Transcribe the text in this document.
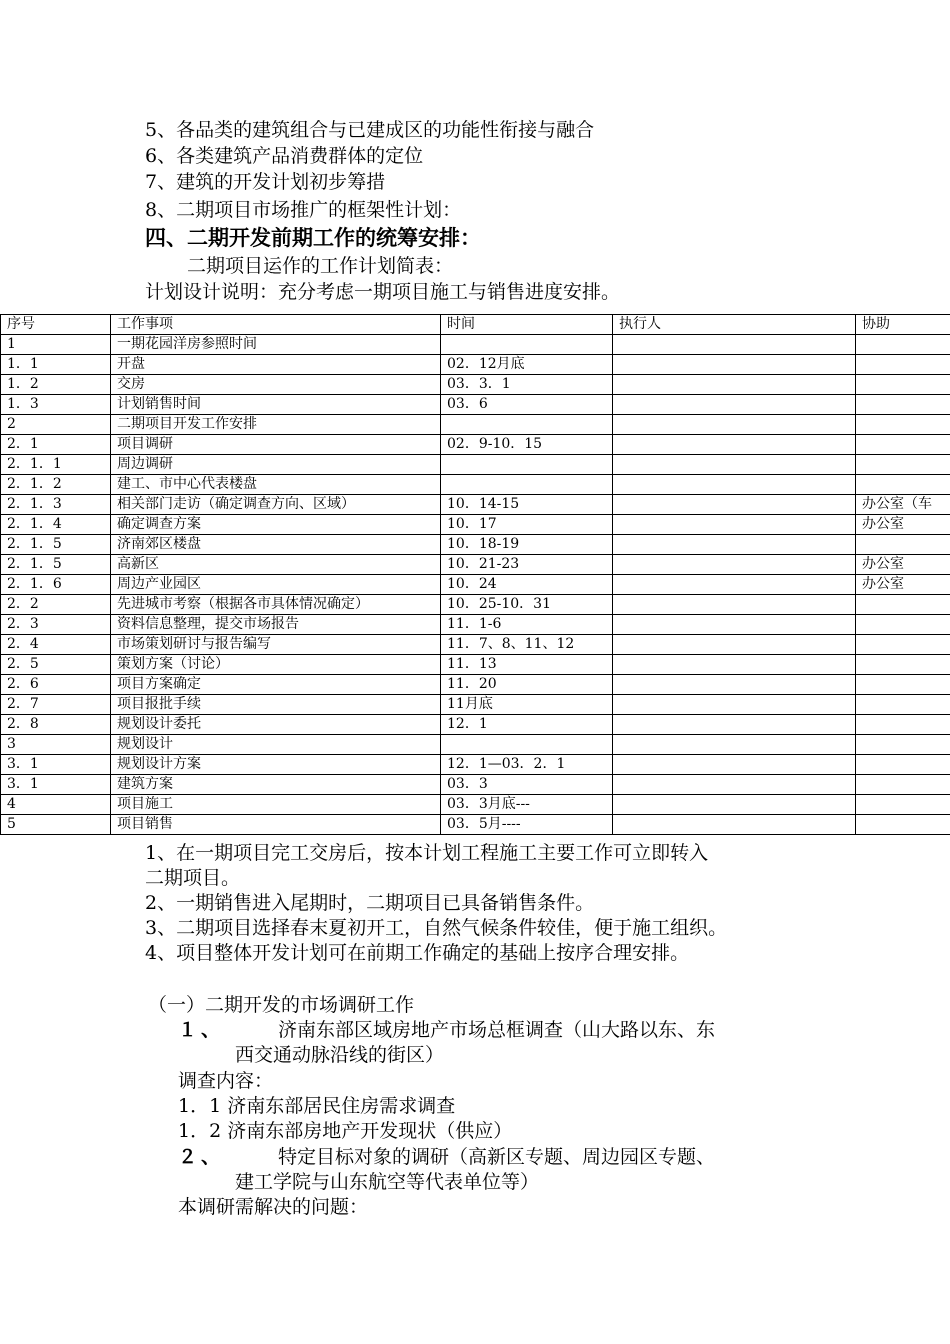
5、各品类的建筑组合与已建成区的功能性衔接与融合
6、各类建筑产品消费群体的定位
7、建筑的开发计划初步筹措
8、二期项目市场推广的框架性计划：
四、二期开发前期工作的统筹安排：
二期项目运作的工作计划简表：
计划设计说明：充分考虑一期项目施工与销售进度安排。
序号	工作事项	时间	执行人	协助
1	一期花园洋房参照时间			
1．1	开盘	02．12月底		
1．2	交房	03．3．1		
1．3	计划销售时间	03．6		
2	二期项目开发工作安排			
2．1	项目调研	02．9-10．15		
2．1．1	周边调研			
2．1．2	建工、市中心代表楼盘			
2．1．3	相关部门走访（确定调查方向、区域）	10．14-15		办公室（车
2．1．4	确定调查方案	10．17		办公室
2．1．5	济南郊区楼盘	10．18-19		
2．1．5	高新区	10．21-23		办公室
2．1．6	周边产业园区	10．24		办公室
2．2	先进城市考察（根据各市具体情况确定）	10．25-10．31		
2．3	资料信息整理，提交市场报告	11．1-6		
2．4	市场策划研讨与报告编写	11．7、8、11、12		
2．5	策划方案（讨论）	11．13		
2．6	项目方案确定	11．20		
2．7	项目报批手续	11月底		
2．8	规划设计委托	12．1		
3	规划设计			
3．1	规划设计方案	12．1—03．2．1		
3．1	建筑方案	03．3		
4	项目施工	03．3月底---		
5	项目销售	03．5月----		
1、在一期项目完工交房后，按本计划工程施工主要工作可立即转入
二期项目。
2、一期销售进入尾期时，二期项目已具备销售条件。
3、二期项目选择春末夏初开工，自然气候条件较佳，便于施工组织。
4、项目整体开发计划可在前期工作确定的基础上按序合理安排。
（一）二期开发的市场调研工作
１、	济南东部区域房地产市场总框调查（山大路以东、东
西交通动脉沿线的街区）
调查内容：
1．1 济南东部居民住房需求调查
1．2 济南东部房地产开发现状（供应）
２、	特定目标对象的调研（高新区专题、周边园区专题、
建工学院与山东航空等代表单位等）
本调研需解决的问题：
